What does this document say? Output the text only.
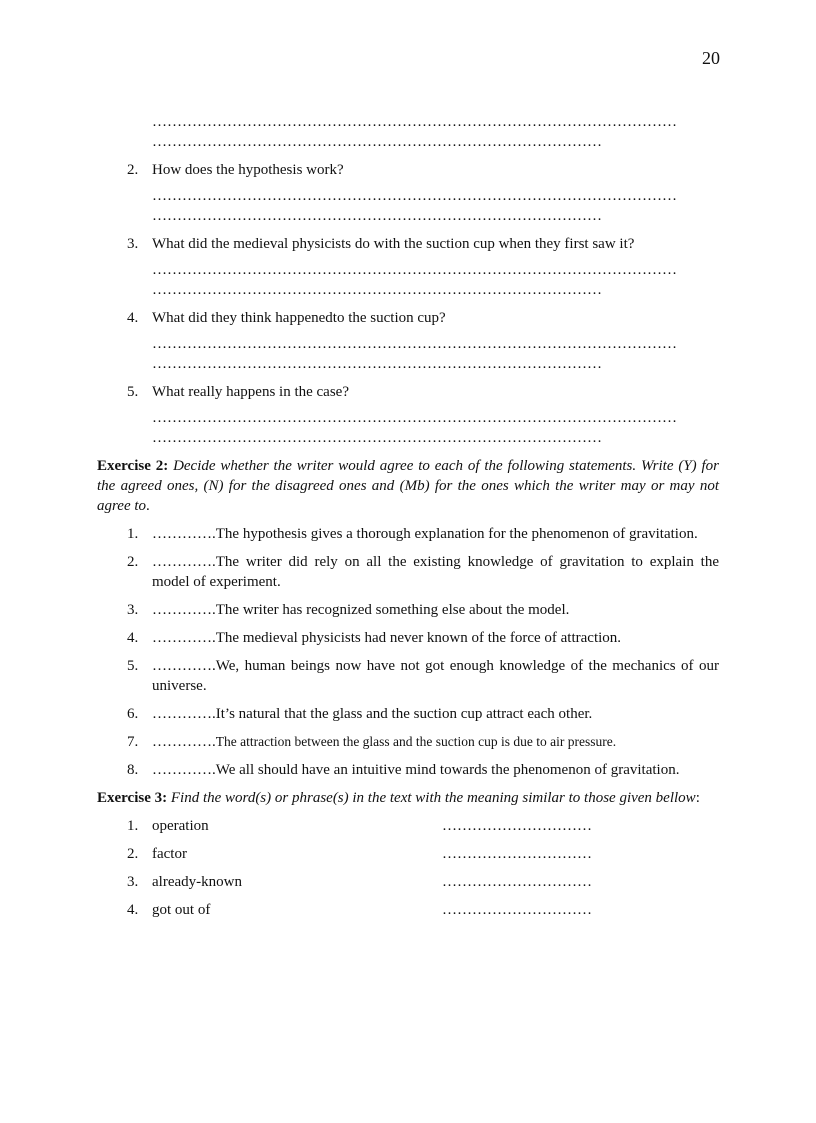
20
……………………………………………………………………………………………
………………………………………………………………………………
2. How does the hypothesis work?
……………………………………………………………………………………………
………………………………………………………………………………
3. What did the medieval physicists do with the suction cup when they first saw it?
……………………………………………………………………………………………
………………………………………………………………………………
4. What did they think happenedto the suction cup?
……………………………………………………………………………………………
………………………………………………………………………………
5. What really happens in the case?
……………………………………………………………………………………………
………………………………………………………………………………
Exercise 2: Decide whether the writer would agree to each of the following statements. Write (Y) for the agreed ones, (N) for the disagreed ones and (Mb) for the ones which the writer may or may not agree to.
1. ………….The hypothesis gives a thorough explanation for the phenomenon of gravitation.
2. ………….The writer did rely on all the existing knowledge of gravitation to explain the model of experiment.
3. ………….The writer has recognized something else about the model.
4. ………….The medieval physicists had never known of the force of attraction.
5. ………….We, human beings now have not got enough knowledge of the mechanics of our universe.
6. ………….It’s natural that the glass and the suction cup attract each other.
7. ………….The attraction between the glass and the suction cup is due to air pressure.
8. ………….We all should have an intuitive mind towards the phenomenon of gravitation.
Exercise 3: Find the word(s) or phrase(s) in the text with the meaning similar to those given bellow:
1. operation	…………………………
2. factor	…………………………
3. already-known	…………………………
4. got out of	…………………………
